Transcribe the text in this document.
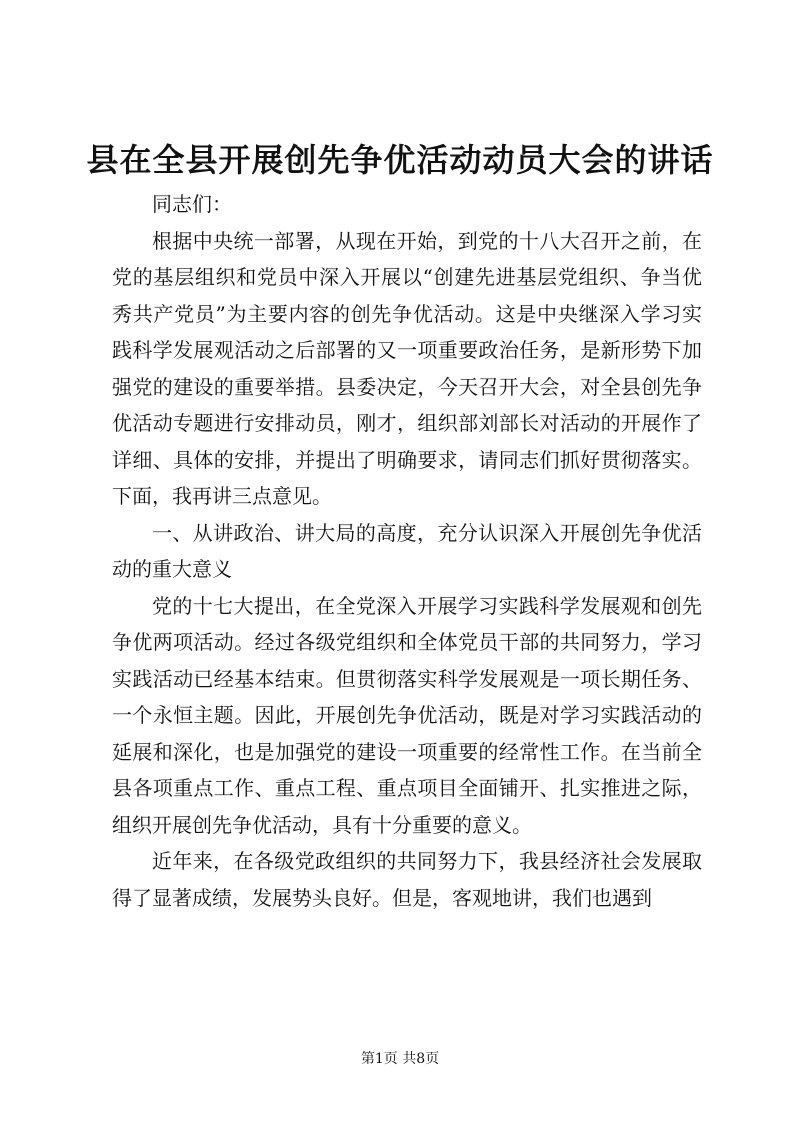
县在全县开展创先争优活动动员大会的讲话

同志们：

根据中央统一部署，从现在开始，到党的十八大召开之前，在党的基层组织和党员中深入开展以“创建先进基层党组织、争当优秀共产党员”为主要内容的创先争优活动。这是中央继深入学习实践科学发展观活动之后部署的又一项重要政治任务，是新形势下加强党的建设的重要举措。县委决定，今天召开大会，对全县创先争优活动专题进行安排动员，刚才，组织部刘部长对活动的开展作了详细、具体的安排，并提出了明确要求，请同志们抓好贯彻落实。下面，我再讲三点意见。

一、从讲政治、讲大局的高度，充分认识深入开展创先争优活动的重大意义

党的十七大提出，在全党深入开展学习实践科学发展观和创先争优两项活动。经过各级党组织和全体党员干部的共同努力，学习实践活动已经基本结束。但贯彻落实科学发展观是一项长期任务、一个永恒主题。因此，开展创先争优活动，既是对学习实践活动的延展和深化，也是加强党的建设一项重要的经常性工作。在当前全县各项重点工作、重点工程、重点项目全面铺开、扎实推进之际，组织开展创先争优活动，具有十分重要的意义。

近年来，在各级党政组织的共同努力下，我县经济社会发展取得了显著成绩，发展势头良好。但是，客观地讲，我们也遇到

第1页 共8页
